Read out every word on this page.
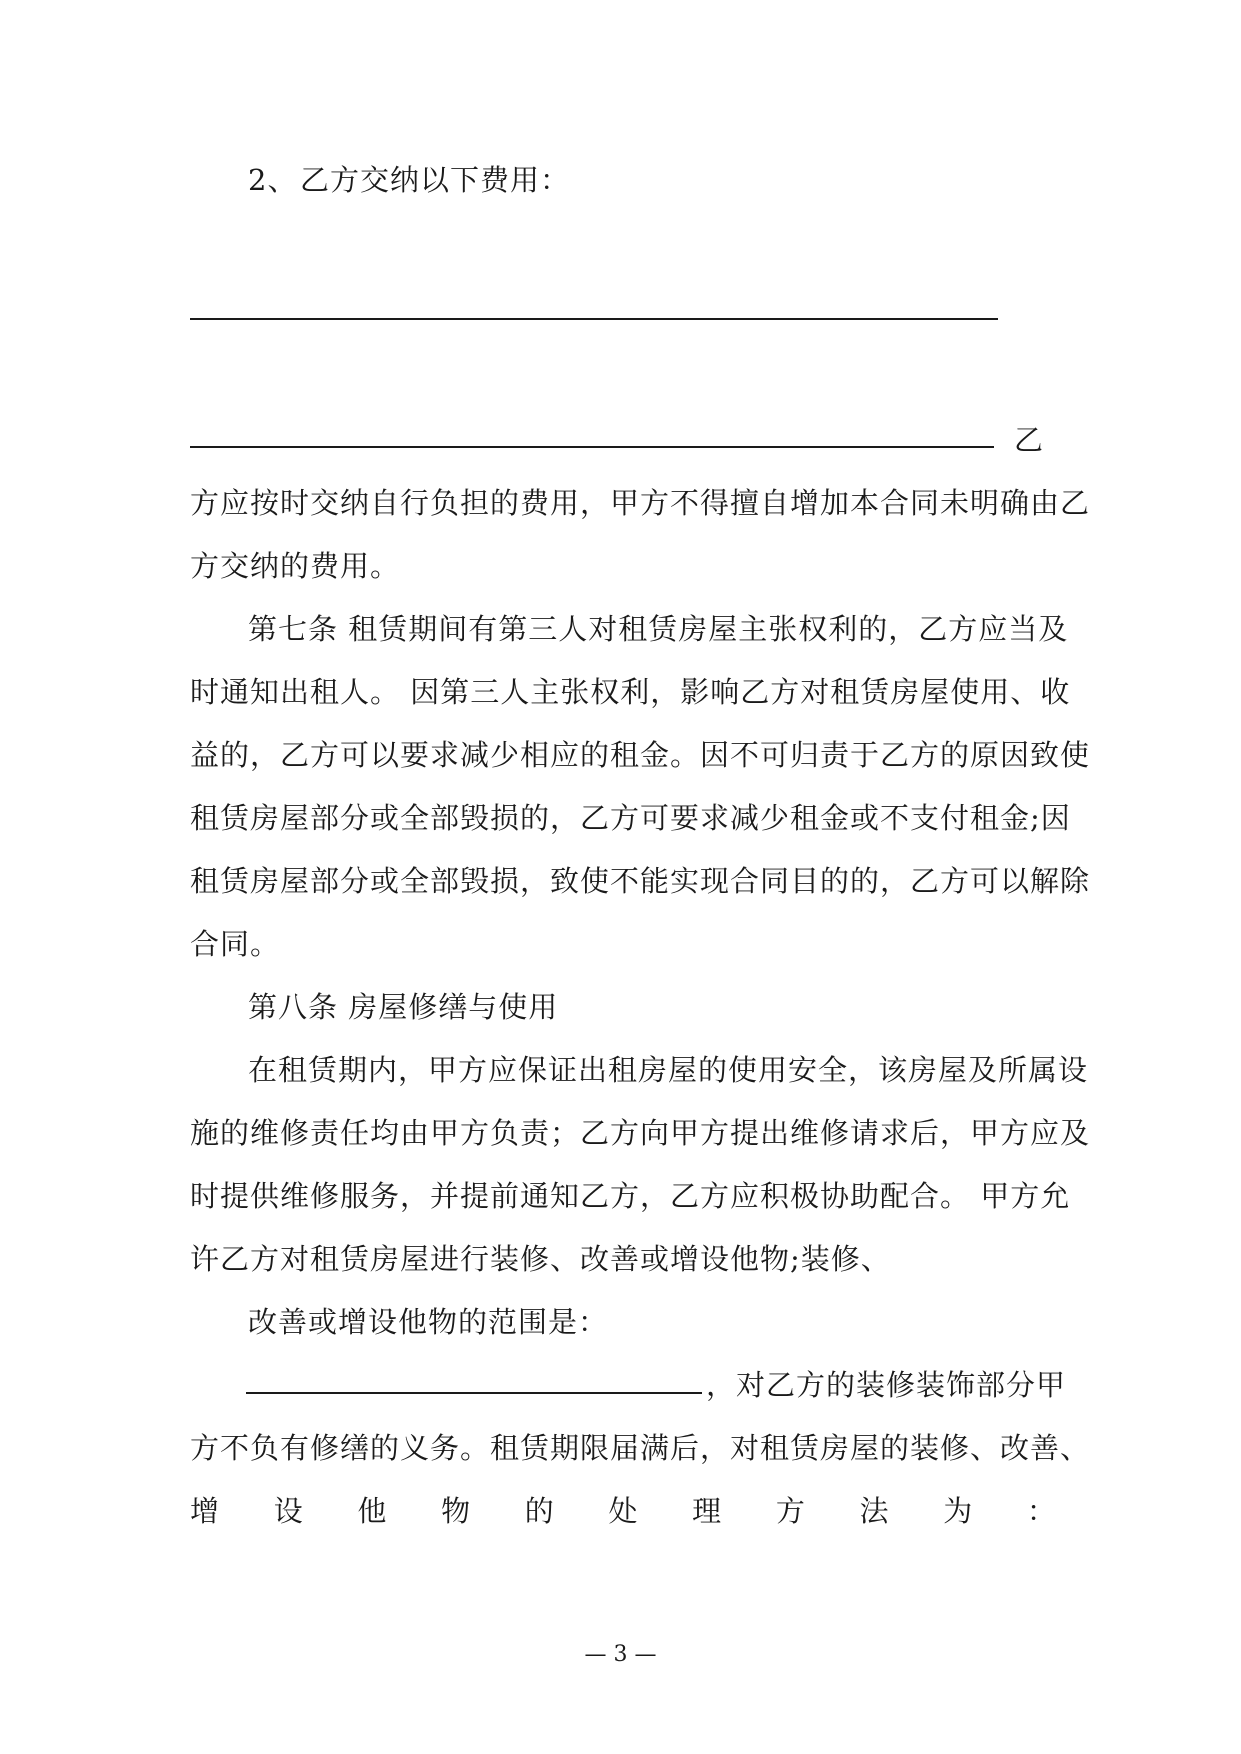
2、 乙方交纳以下费用：
乙
方应按时交纳自行负担的费用，甲方不得擅自增加本合同未明确由乙
方交纳的费用。
第七条 租赁期间有第三人对租赁房屋主张权利的，乙方应当及
时通知出租人。 因第三人主张权利，影响乙方对租赁房屋使用、收
益的，乙方可以要求减少相应的租金。因不可归责于乙方的原因致使
租赁房屋部分或全部毁损的，乙方可要求减少租金或不支付租金;因
租赁房屋部分或全部毁损，致使不能实现合同目的的，乙方可以解除
合同。
第八条 房屋修缮与使用
在租赁期内，甲方应保证出租房屋的使用安全，该房屋及所属设
施的维修责任均由甲方负责；乙方向甲方提出维修请求后，甲方应及
时提供维修服务，并提前通知乙方，乙方应积极协助配合。 甲方允
许乙方对租赁房屋进行装修、改善或增设他物;装修、
改善或增设他物的范围是：
，对乙方的装修装饰部分甲
方不负有修缮的义务。租赁期限届满后，对租赁房屋的装修、改善、
增 设 他 物 的 处 理 方 法 为 ：
— 3 —
